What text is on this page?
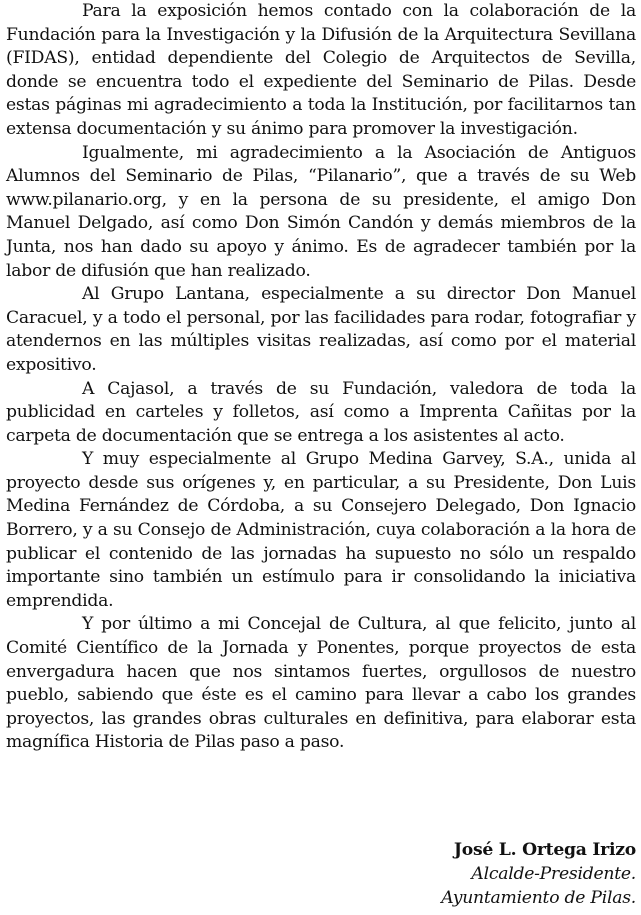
Para la exposición hemos contado con la colaboración de la Fundación para la Investigación y la Difusión de la Arquitectura Sevillana (FIDAS), entidad dependiente del Colegio de Arquitectos de Sevilla, donde se encuentra todo el expediente del Seminario de Pilas. Desde estas páginas mi agradecimiento a toda la Institución, por facilitarnos tan extensa documentación y su ánimo para promover la investigación.

Igualmente, mi agradecimiento a la Asociación de Antiguos Alumnos del Seminario de Pilas, “Pilanario”, que a través de su Web www.pilanario.org, y en la persona de su presidente, el amigo Don Manuel Delgado, así como Don Simón Candón y demás miembros de la Junta, nos han dado su apoyo y ánimo. Es de agradecer también por la labor de difusión que han realizado.

Al Grupo Lantana, especialmente a su director Don Manuel Caracuel, y a todo el personal, por las facilidades para rodar, fotografiar y atendernos en las múltiples visitas realizadas, así como por el material expositivo.

A Cajasol, a través de su Fundación, valedora de toda la publicidad en carteles y folletos, así como a Imprenta Cañitas por la carpeta de documentación que se entrega a los asistentes al acto.

Y muy especialmente al Grupo Medina Garvey, S.A., unida al proyecto desde sus orígenes y, en particular, a su Presidente, Don Luis Medina Fernández de Córdoba, a su Consejero Delegado, Don Ignacio Borrero, y a su Consejo de Administración, cuya colaboración a la hora de publicar el contenido de las jornadas ha supuesto no sólo un respaldo importante sino también un estímulo para ir consolidando la iniciativa emprendida.

Y por último a mi Concejal de Cultura, al que felicito, junto al Comité Científico de la Jornada y Ponentes, porque proyectos de esta envergadura hacen que nos sintamos fuertes, orgullosos de nuestro pueblo, sabiendo que éste es el camino para llevar a cabo los grandes proyectos, las grandes obras culturales en definitiva, para elaborar esta magnífica Historia de Pilas paso a paso.

José L. Ortega Irizo
Alcalde-Presidente.
Ayuntamiento de Pilas.
